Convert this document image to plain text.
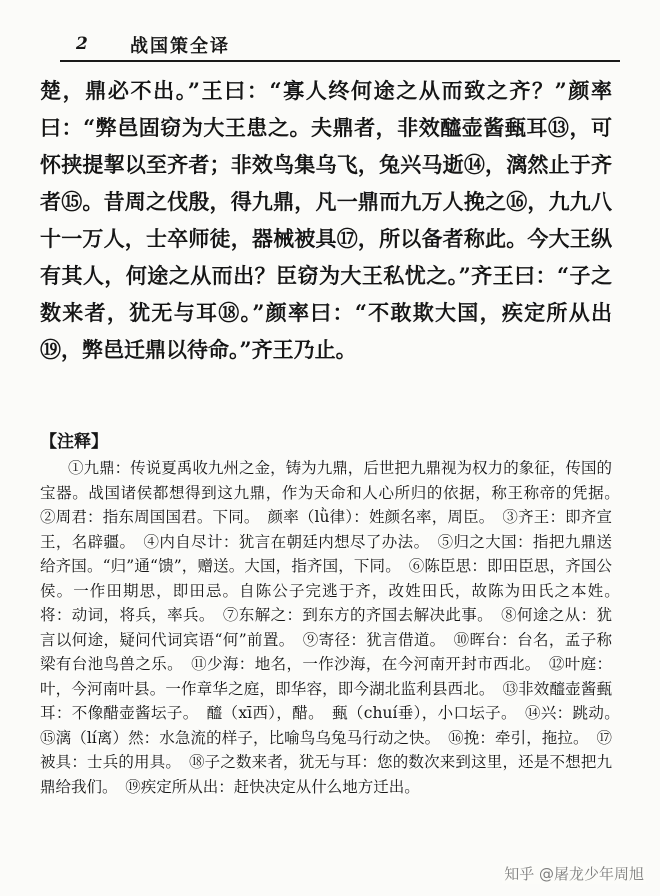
2 战国策全译

楚，鼎必不出。”王曰：“寡人终何途之从而致之齐？”颜率曰：“弊邑固窃为大王患之。夫鼎者，非效醯壶酱甀耳⑬，可怀挟提挈以至齐者；非效鸟集乌飞，兔兴马逝⑭，漓然止于齐者⑮。昔周之伐殷，得九鼎，凡一鼎而九万人挽之⑯，九九八十一万人，士卒师徒，器械被具⑰，所以备者称此。今大王纵有其人，何途之从而出？臣窃为大王私忧之。”齐王曰：“子之数来者，犹无与耳⑱。”颜率曰：“不敢欺大国，疾定所从出⑲，弊邑迁鼎以待命。”齐王乃止。

【注释】

①九鼎：传说夏禹收九州之金，铸为九鼎，后世把九鼎视为权力的象征，传国的宝器。战国诸侯都想得到这九鼎，作为天命和人心所归的依据，称王称帝的凭据。　②周君：指东周国国君。下同。　颜率（lǜ律）：姓颜名率，周臣。　③齐王：即齐宣王，名辟疆。　④内自尽计：犹言在朝廷内想尽了办法。　⑤归之大国：指把九鼎送给齐国。“归”通“馈”，赠送。大国，指齐国，下同。　⑥陈臣思：即田臣思，齐国公侯。一作田期思，即田忌。自陈公子完逃于齐，改姓田氏，故陈为田氏之本姓。　将：动词，将兵，率兵。　⑦东解之：到东方的齐国去解决此事。　⑧何途之从：犹言以何途，疑问代词宾语“何”前置。　⑨寄径：犹言借道。　⑩晖台：台名，孟子称梁有台池鸟兽之乐。　⑪少海：地名，一作沙海，在今河南开封市西北。　⑫叶庭：叶，今河南叶县。一作章华之庭，即华容，即今湖北监利县西北。　⑬非效醯壶酱甀耳：不像醋壶酱坛子。　醯（xī西），醋。　甀（chuí垂），小口坛子。　⑭兴：跳动。　⑮漓（lí离）然：水急流的样子，比喻鸟乌兔马行动之快。　⑯挽：牵引，拖拉。　⑰被具：士兵的用具。　⑱子之数来者，犹无与耳：您的数次来到这里，还是不想把九鼎给我们。　⑲疾定所从出：赶快决定从什么地方迁出。

知乎 @屠龙少年周旭
